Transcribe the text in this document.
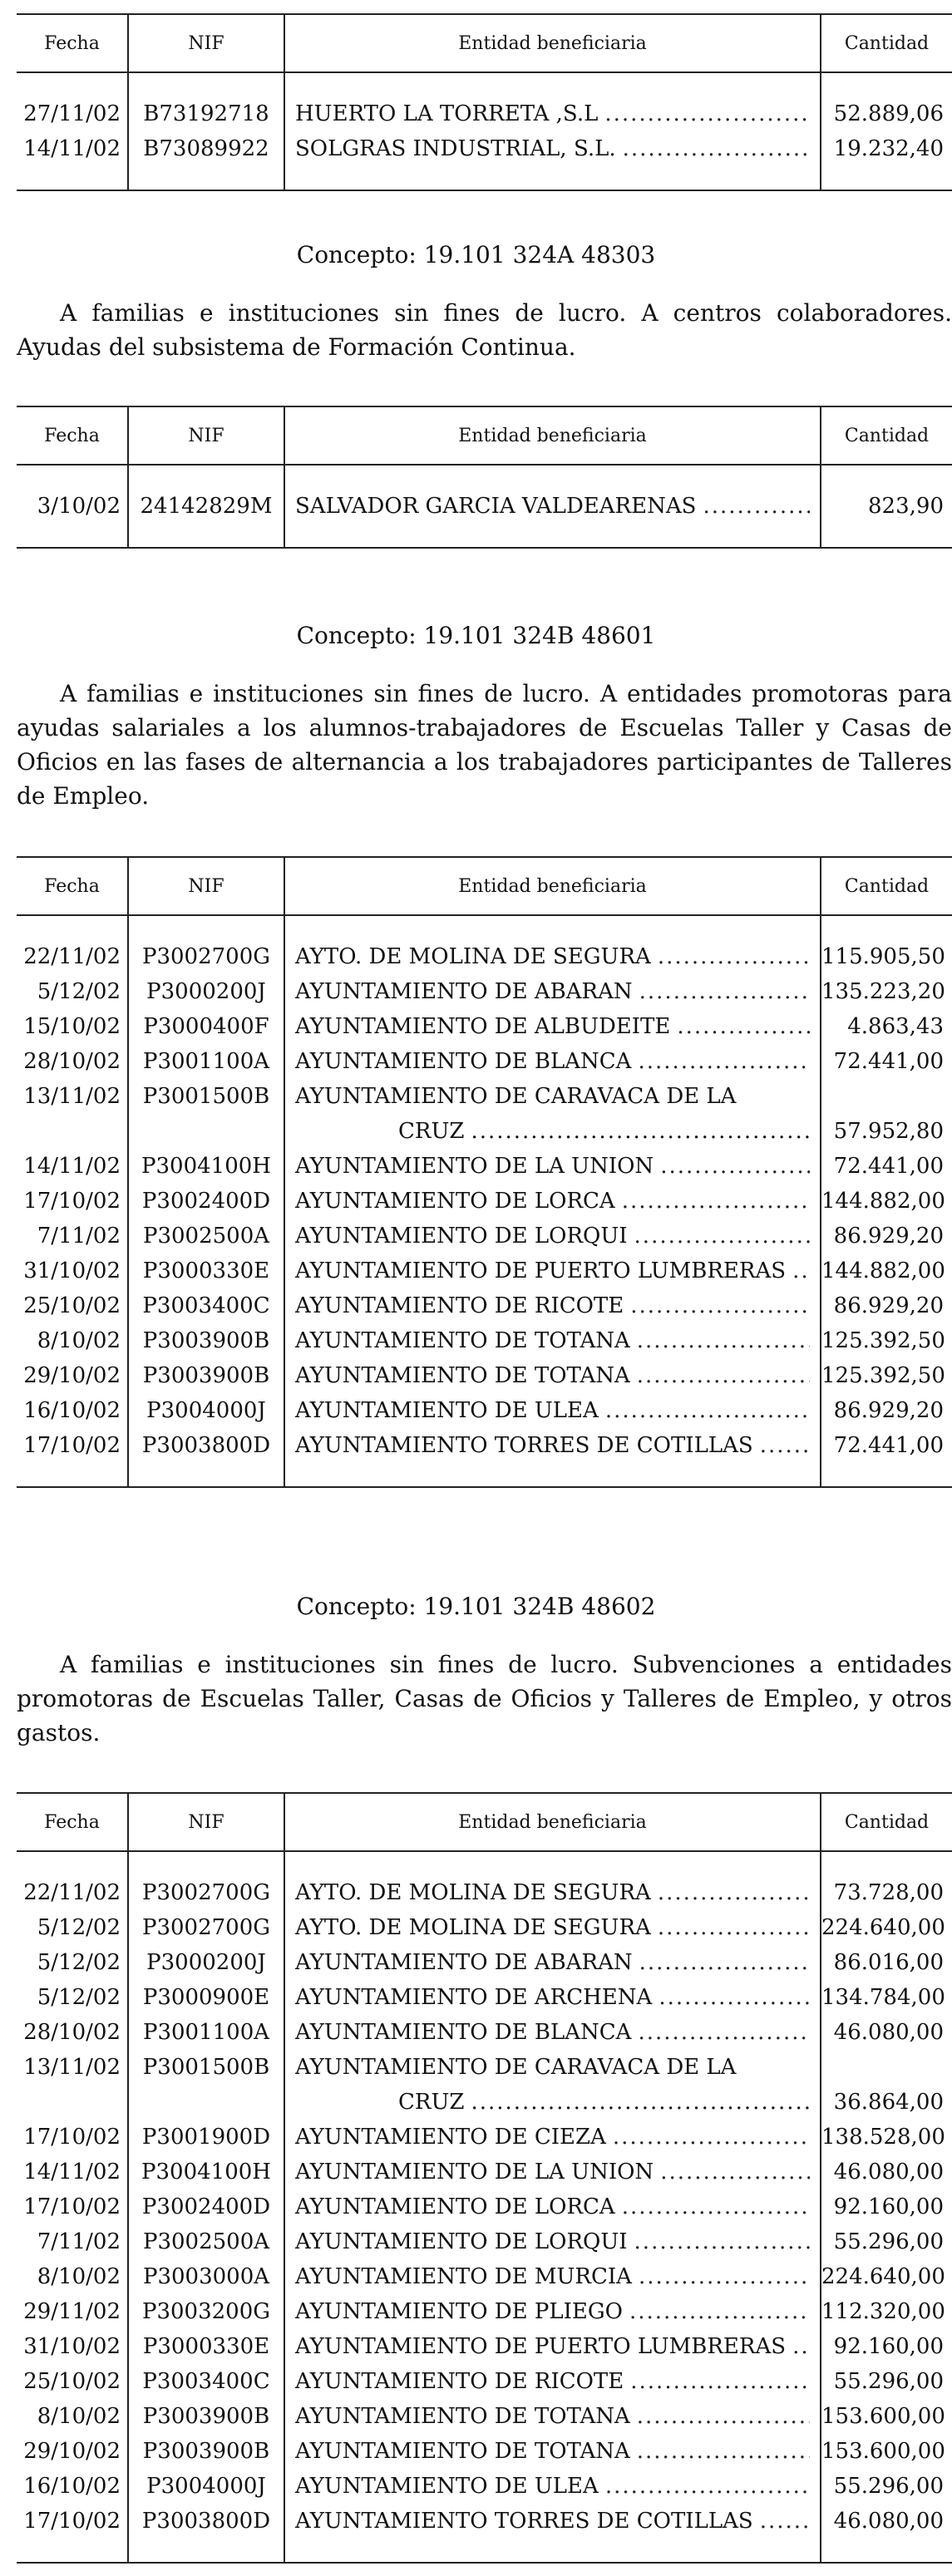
Fecha	NIF	Entidad beneficiaria	Cantidad
27/11/02
14/11/02
B73192718
B73089922
HUERTO LA TORRETA ,S.L
.....
SOLGRAS INDUSTRIAL, S.L.
.....
52.889,06
19.232,40
Concepto: 19.101 324A 48303
A familias e instituciones sin fines de lucro. A centros colaboradores. Ayudas del subsistema de Formación Continua.
Fecha	NIF	Entidad beneficiaria	Cantidad
3/10/02 24142829M	SALVADOR GARCIA VALDEARENAS
.....	823,90
Concepto: 19.101 324B 48601
A familias e instituciones sin fines de lucro. A entidades promotoras para ayudas salariales a los alumnos-trabajadores de Escuelas Taller y Casas de Oficios en las fases de alternancia a los trabajadores participantes de Talleres de Empleo.
Fecha	NIF	Entidad beneficiaria	Cantidad
22/11/02
5/12/02
15/10/02
28/10/02
13/11/02
14/11/02
17/10/02
7/11/02
31/10/02
25/10/02
8/10/02
29/10/02
16/10/02
17/10/02
P3002700G
P3000200J
P3000400F
P3001100A
P3001500B
P3004100H
P3002400D
P3002500A
P3000330E
P3003400C
P3003900B
P3003900B
P3004000J
P3003800D
AYTO. DE MOLINA DE SEGURA
.....
AYUNTAMIENTO DE ABARAN
.....
AYUNTAMIENTO DE ALBUDEITE
.....
AYUNTAMIENTO DE BLANCA
.....
AYUNTAMIENTO DE CARAVACA DE LA
CRUZ
.....
AYUNTAMIENTO DE LA UNION
.....
AYUNTAMIENTO DE LORCA
.....
AYUNTAMIENTO DE LORQUI
.....
AYUNTAMIENTO DE PUERTO LUMBRERAS
.....
AYUNTAMIENTO DE RICOTE
.....
AYUNTAMIENTO DE TOTANA
.....
AYUNTAMIENTO DE TOTANA
.....
AYUNTAMIENTO DE ULEA
.....
AYUNTAMIENTO TORRES DE COTILLAS
.....
115.905,50
135.223,20
4.863,43
72.441,00
57.952,80
72.441,00
144.882,00
86.929,20
144.882,00
86.929,20
125.392,50
125.392,50
86.929,20
72.441,00
Concepto: 19.101 324B 48602
A familias e instituciones sin fines de lucro. Subvenciones a entidades promotoras de Escuelas Taller, Casas de Oficios y Talleres de Empleo, y otros gastos.
Fecha	NIF	Entidad beneficiaria	Cantidad
22/11/02
5/12/02
5/12/02
5/12/02
28/10/02
13/11/02
17/10/02
14/11/02
17/10/02
7/11/02
8/10/02
29/11/02
31/10/02
25/10/02
8/10/02
29/10/02
16/10/02
17/10/02
P3002700G
P3002700G
P3000200J
P3000900E
P3001100A
P3001500B
P3001900D
P3004100H
P3002400D
P3002500A
P3003000A
P3003200G
P3000330E
P3003400C
P3003900B
P3003900B
P3004000J
P3003800D
AYTO. DE MOLINA DE SEGURA
.....
AYTO. DE MOLINA DE SEGURA
.....
AYUNTAMIENTO DE ABARAN
.....
AYUNTAMIENTO DE ARCHENA
.....
AYUNTAMIENTO DE BLANCA
.....
AYUNTAMIENTO DE CARAVACA DE LA
CRUZ
.....
AYUNTAMIENTO DE CIEZA
.....
AYUNTAMIENTO DE LA UNION
.....
AYUNTAMIENTO DE LORCA
.....
AYUNTAMIENTO DE LORQUI
.....
AYUNTAMIENTO DE MURCIA
.....
AYUNTAMIENTO DE PLIEGO
.....
AYUNTAMIENTO DE PUERTO LUMBRERAS
.....
AYUNTAMIENTO DE RICOTE
.....
AYUNTAMIENTO DE TOTANA
.....
AYUNTAMIENTO DE TOTANA
.....
AYUNTAMIENTO DE ULEA
.....
AYUNTAMIENTO TORRES DE COTILLAS
.....
73.728,00
224.640,00
86.016,00
134.784,00
46.080,00
36.864,00
138.528,00
46.080,00
92.160,00
55.296,00
224.640,00
112.320,00
92.160,00
55.296,00
153.600,00
153.600,00
55.296,00
46.080,00
